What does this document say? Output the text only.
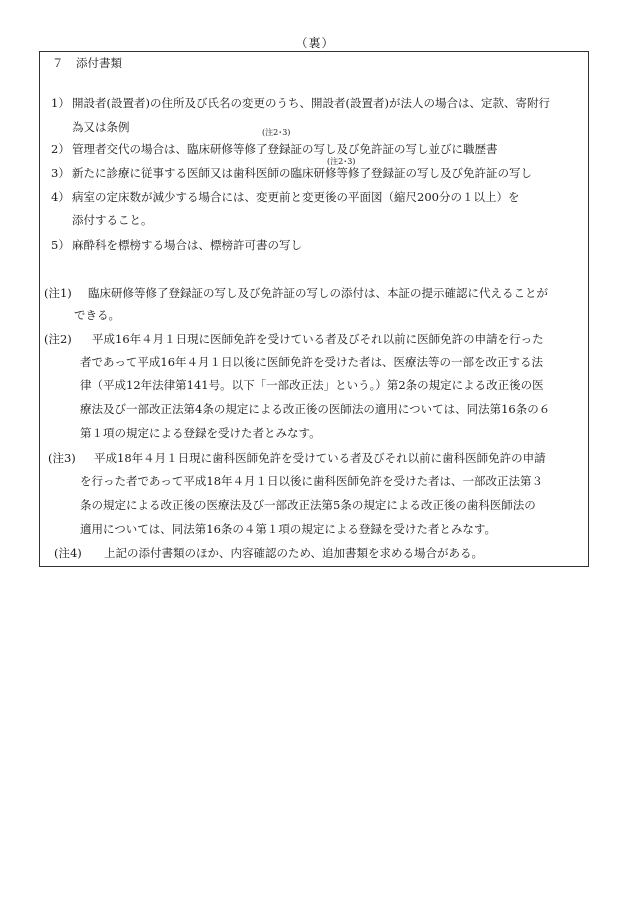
（裏）
７ 添付書類
1） 開設者(設置者)の住所及び氏名の変更のうち、開設者(設置者)が法人の場合は、定款、寄附行
為又は条例	(注2･3)
2） 管理者交代の場合は、臨床研修等修了登録証の写し及び免許証の写し並びに職歴書
(注2･3)
3） 新たに診療に従事する医師又は歯科医師の臨床研修等修了登録証の写し及び免許証の写し
4） 病室の定床数が減少する場合には、変更前と変更後の平面図（縮尺200分の１以上）を
添付すること。
5） 麻酔科を標榜する場合は、標榜許可書の写し
(注1) 臨床研修等修了登録証の写し及び免許証の写しの添付は、本証の提示確認に代えることが
できる。
(注2) 平成16年４月１日現に医師免許を受けている者及びそれ以前に医師免許の申請を行った
者であって平成16年４月１日以後に医師免許を受けた者は、医療法等の一部を改正する法
律（平成12年法律第141号。以下「一部改正法」という。）第2条の規定による改正後の医
療法及び一部改正法第4条の規定による改正後の医師法の適用については、同法第16条の６
第１項の規定による登録を受けた者とみなす。
(注3) 平成18年４月１日現に歯科医師免許を受けている者及びそれ以前に歯科医師免許の申請
を行った者であって平成18年４月１日以後に歯科医師免許を受けた者は、一部改正法第３
条の規定による改正後の医療法及び一部改正法第5条の規定による改正後の歯科医師法の
適用については、同法第16条の４第１項の規定による登録を受けた者とみなす。
(注4) 上記の添付書類のほか、内容確認のため、追加書類を求める場合がある。
